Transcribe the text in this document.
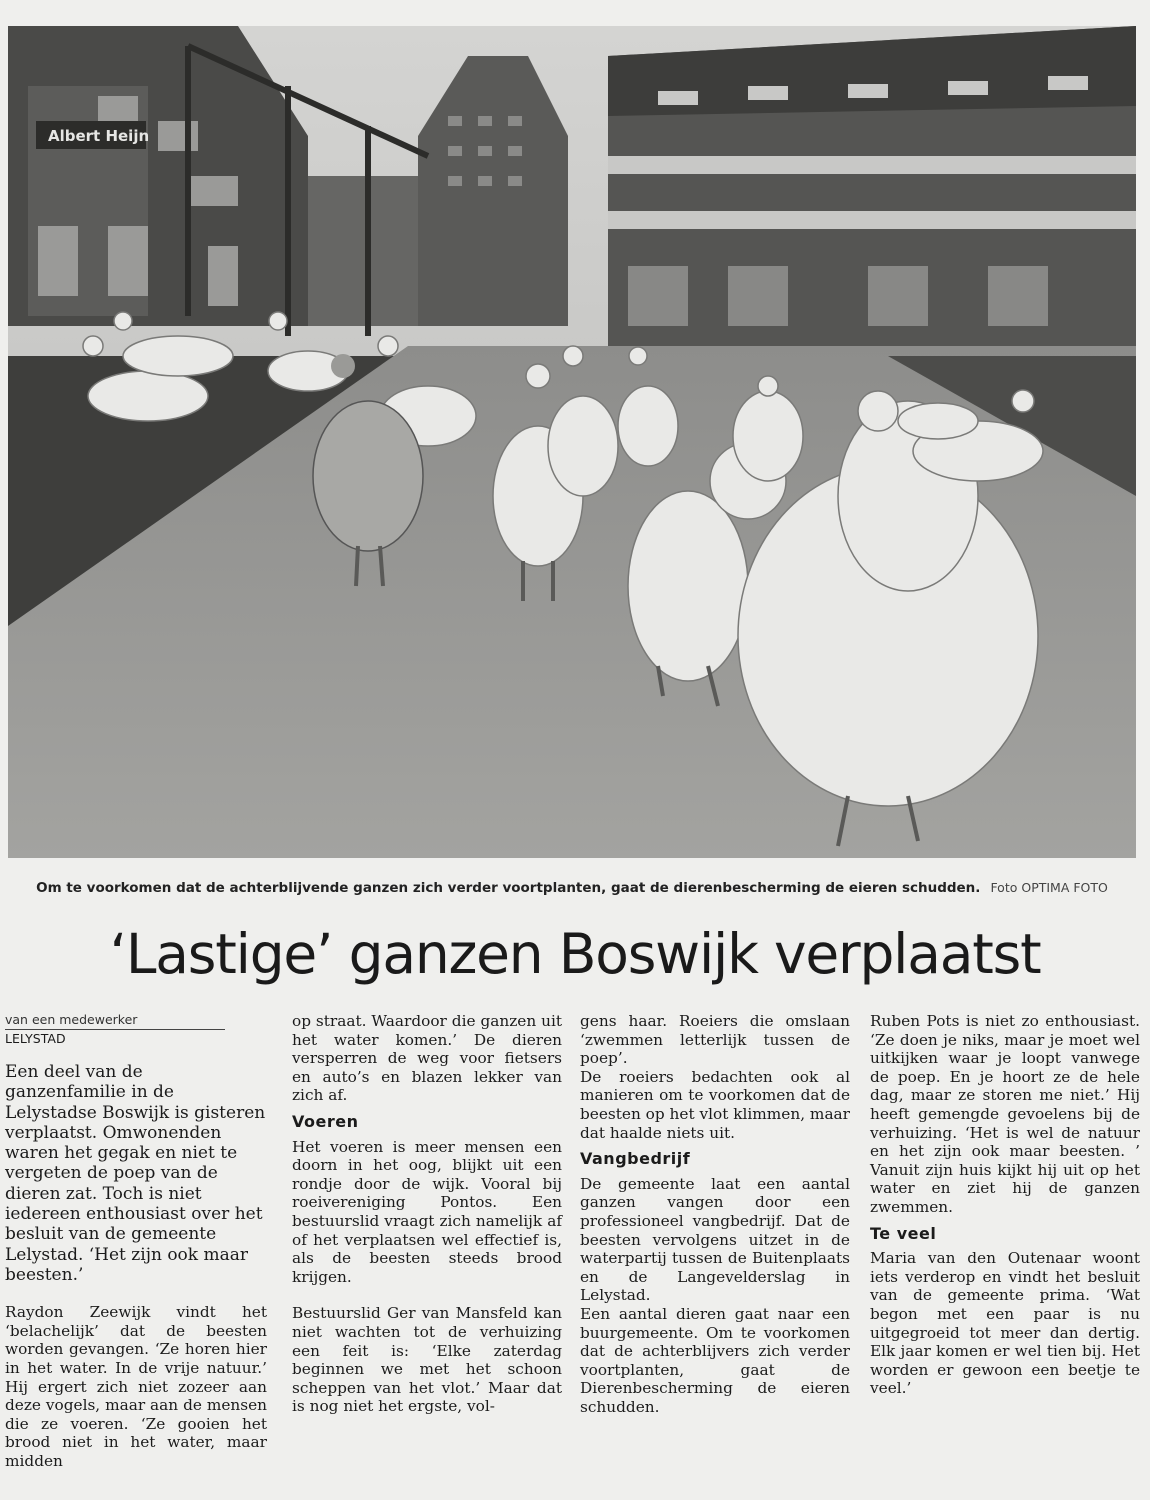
Albert Heijn
Om te voorkomen dat de achterblijvende ganzen zich verder voortplanten, gaat de dierenbescherming de eieren schudden. Foto OPTIMA FOTO
‘Lastige’ ganzen Boswijk verplaatst

van een medewerker

LELYSTAD

Een deel van de ganzenfamilie in de Lelystadse Boswijk is gisteren verplaatst. Omwonenden waren het gegak en niet te vergeten de poep van de dieren zat. Toch is niet iedereen enthousiast over het besluit van de gemeente Lelystad. ‘Het zijn ook maar beesten.’

Raydon Zeewijk vindt het ‘belachelijk’ dat de beesten worden gevangen. ‘Ze horen hier in het water. In de vrije natuur.’ Hij ergert zich niet zozeer aan deze vogels, maar aan de mensen die ze voeren. ‘Ze gooien het brood niet in het water, maar midden

op straat. Waardoor die ganzen uit het water komen.’ De dieren versperren de weg voor fietsers en auto’s en blazen lekker van zich af.

Voeren

Het voeren is meer mensen een doorn in het oog, blijkt uit een rondje door de wijk. Vooral bij roeivereniging Pontos. Een bestuurslid vraagt zich namelijk af of het verplaatsen wel effectief is, als de beesten steeds brood krijgen.

Bestuurslid Ger van Mansfeld kan niet wachten tot de verhuizing een feit is: ‘Elke zaterdag beginnen we met het schoon scheppen van het vlot.’ Maar dat is nog niet het ergste, vol-

gens haar. Roeiers die omslaan ‘zwemmen letterlijk tussen de poep’.

De roeiers bedachten ook al manieren om te voorkomen dat de beesten op het vlot klimmen, maar dat haalde niets uit.

Vangbedrijf

De gemeente laat een aantal ganzen vangen door een professioneel vangbedrijf. Dat de beesten vervolgens uitzet in de waterpartij tussen de Buitenplaats en de Langevelderslag in Lelystad.

Een aantal dieren gaat naar een buurgemeente. Om te voorkomen dat de achterblijvers zich verder voortplanten, gaat de Dierenbescherming de eieren schudden.

Ruben Pots is niet zo enthousiast. ‘Ze doen je niks, maar je moet wel uitkijken waar je loopt vanwege de poep. En je hoort ze de hele dag, maar ze storen me niet.’ Hij heeft gemengde gevoelens bij de verhuizing. ‘Het is wel de natuur en het zijn ook maar beesten. ’ Vanuit zijn huis kijkt hij uit op het water en ziet hij de ganzen zwemmen.

Te veel

Maria van den Outenaar woont iets verderop en vindt het besluit van de gemeente prima. ‘Wat begon met een paar is nu uitgegroeid tot meer dan dertig. Elk jaar komen er wel tien bij. Het worden er gewoon een beetje te veel.’
